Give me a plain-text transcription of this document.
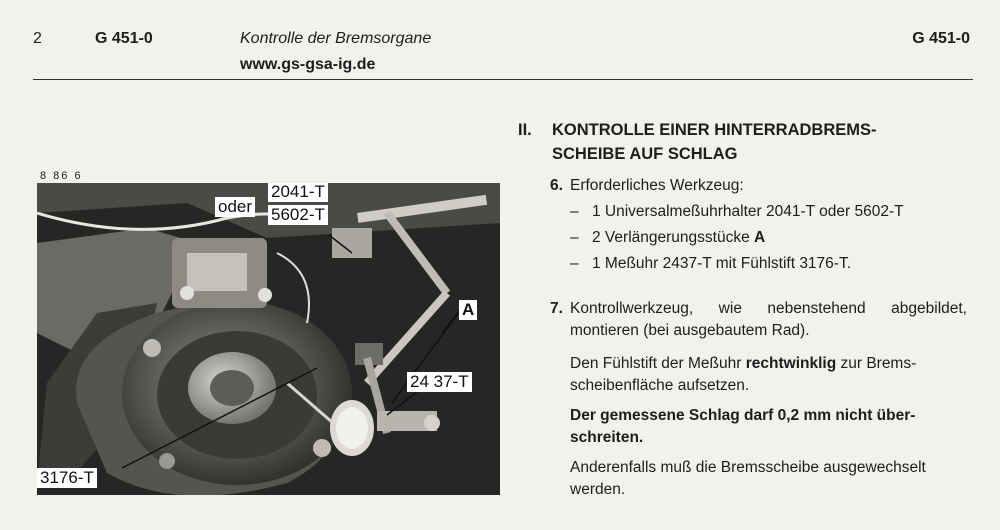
2	G 451-0	Kontrolle der Bremsorgane	G 451-0
www.gs-gsa-ig.de
8 86 6
oder
2041-T
5602-T
A
24 37-T
3176-T
II. KONTROLLE EINER HINTERRADBREMS-
SCHEIBE AUF SCHLAG
6. Erforderliches Werkzeug:
– 1 Universalmeßuhrhalter 2041-T oder 5602-T
– 2 Verlängerungsstücke A
– 1 Meßuhr 2437-T mit Fühlstift 3176-T.
7. Kontrollwerkzeug, wie nebenstehend abgebildet,
montieren (bei ausgebautem Rad).
Den Fühlstift der Meßuhr rechtwinklig zur Brems-
scheibenfläche aufsetzen.
Der gemessene Schlag darf 0,2 mm nicht über-
schreiten.
Anderenfalls muß die Bremsscheibe ausgewechselt
werden.
